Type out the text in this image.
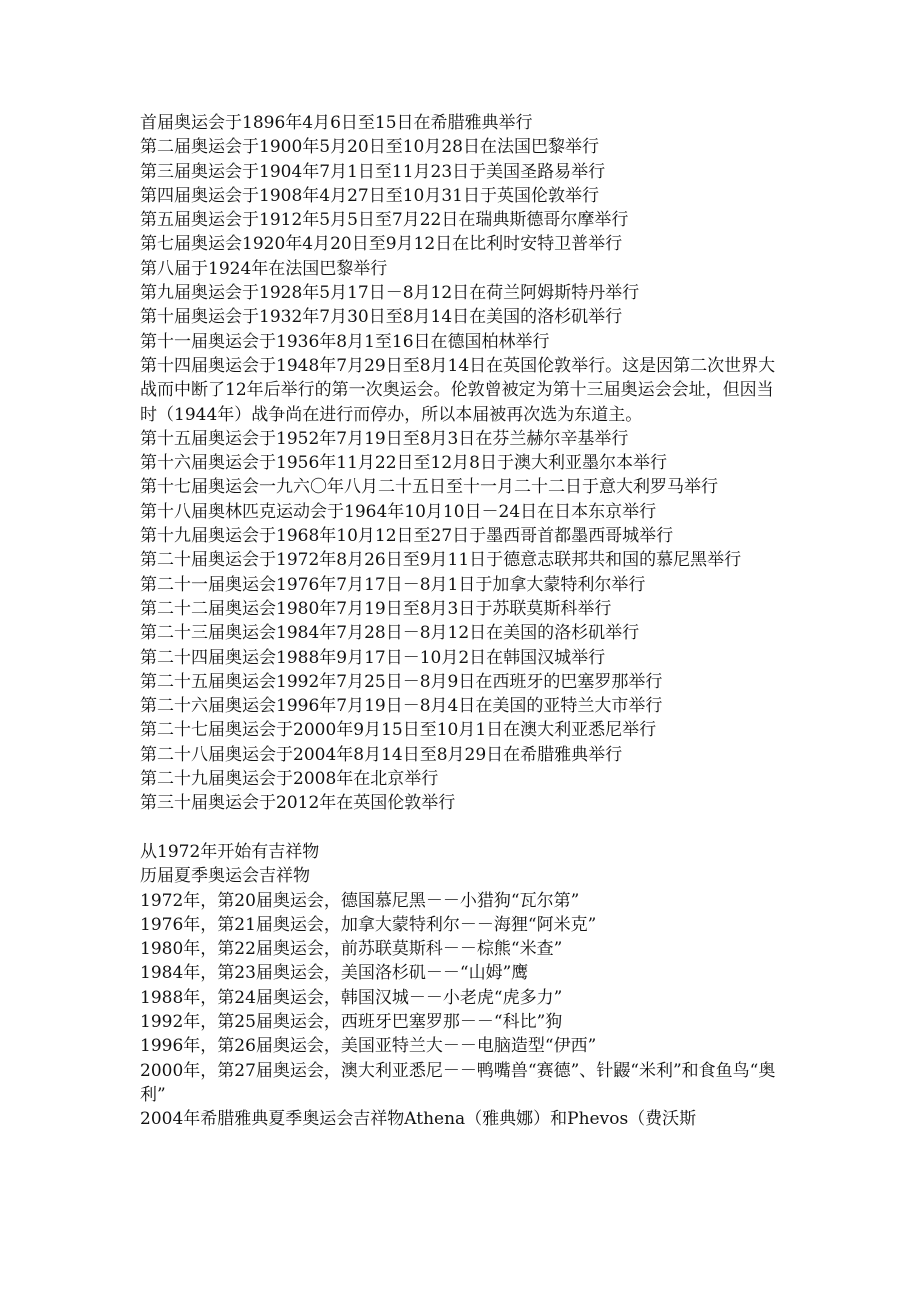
首届奥运会于1896年4月6日至15日在希腊雅典举行

第二届奥运会于1900年5月20日至10月28日在法国巴黎举行

第三届奥运会于1904年7月1日至11月23日于美国圣路易举行

第四届奥运会于1908年4月27日至10月31日于英国伦敦举行

第五届奥运会于1912年5月5日至7月22日在瑞典斯德哥尔摩举行

第七届奥运会1920年4月20日至9月12日在比利时安特卫普举行

第八届于1924年在法国巴黎举行

第九届奥运会于1928年5月17日－8月12日在荷兰阿姆斯特丹举行

第十届奥运会于1932年7月30日至8月14日在美国的洛杉矶举行

第十一届奥运会于1936年8月1至16日在德国柏林举行

第十四届奥运会于1948年7月29日至8月14日在英国伦敦举行。这是因第二次世界大战而中断了12年后举行的第一次奥运会。伦敦曾被定为第十三届奥运会会址，但因当时（1944年）战争尚在进行而停办，所以本届被再次选为东道主。

第十五届奥运会于1952年7月19日至8月3日在芬兰赫尔辛基举行

第十六届奥运会于1956年11月22日至12月8日于澳大利亚墨尔本举行

第十七届奥运会一九六〇年八月二十五日至十一月二十二日于意大利罗马举行

第十八届奥林匹克运动会于1964年10月10日－24日在日本东京举行

第十九届奥运会于1968年10月12日至27日于墨西哥首都墨西哥城举行

第二十届奥运会于1972年8月26日至9月11日于德意志联邦共和国的慕尼黑举行

第二十一届奥运会1976年7月17日－8月1日于加拿大蒙特利尔举行

第二十二届奥运会1980年7月19日至8月3日于苏联莫斯科举行

第二十三届奥运会1984年7月28日－8月12日在美国的洛杉矶举行

第二十四届奥运会1988年9月17日－10月2日在韩国汉城举行

第二十五届奥运会1992年7月25日－8月9日在西班牙的巴塞罗那举行

第二十六届奥运会1996年7月19日－8月4日在美国的亚特兰大市举行

第二十七届奥运会于2000年9月15日至10月1日在澳大利亚悉尼举行

第二十八届奥运会于2004年8月14日至8月29日在希腊雅典举行

第二十九届奥运会于2008年在北京举行

第三十届奥运会于2012年在英国伦敦举行

从1972年开始有吉祥物

历届夏季奥运会吉祥物

1972年，第20届奥运会，德国慕尼黑－－小猎狗“瓦尔第”

1976年，第21届奥运会，加拿大蒙特利尔－－海狸“阿米克”

1980年，第22届奥运会，前苏联莫斯科－－棕熊“米查”

1984年，第23届奥运会，美国洛杉矶－－“山姆”鹰

1988年，第24届奥运会，韩国汉城－－小老虎“虎多力”

1992年，第25届奥运会，西班牙巴塞罗那－－“科比”狗

1996年，第26届奥运会，美国亚特兰大－－电脑造型“伊西”

2000年，第27届奥运会，澳大利亚悉尼－－鸭嘴兽“赛德”、针鼹“米利”和食鱼鸟“奥利”

2004年希腊雅典夏季奥运会吉祥物Athena（雅典娜）和Phevos（费沃斯
